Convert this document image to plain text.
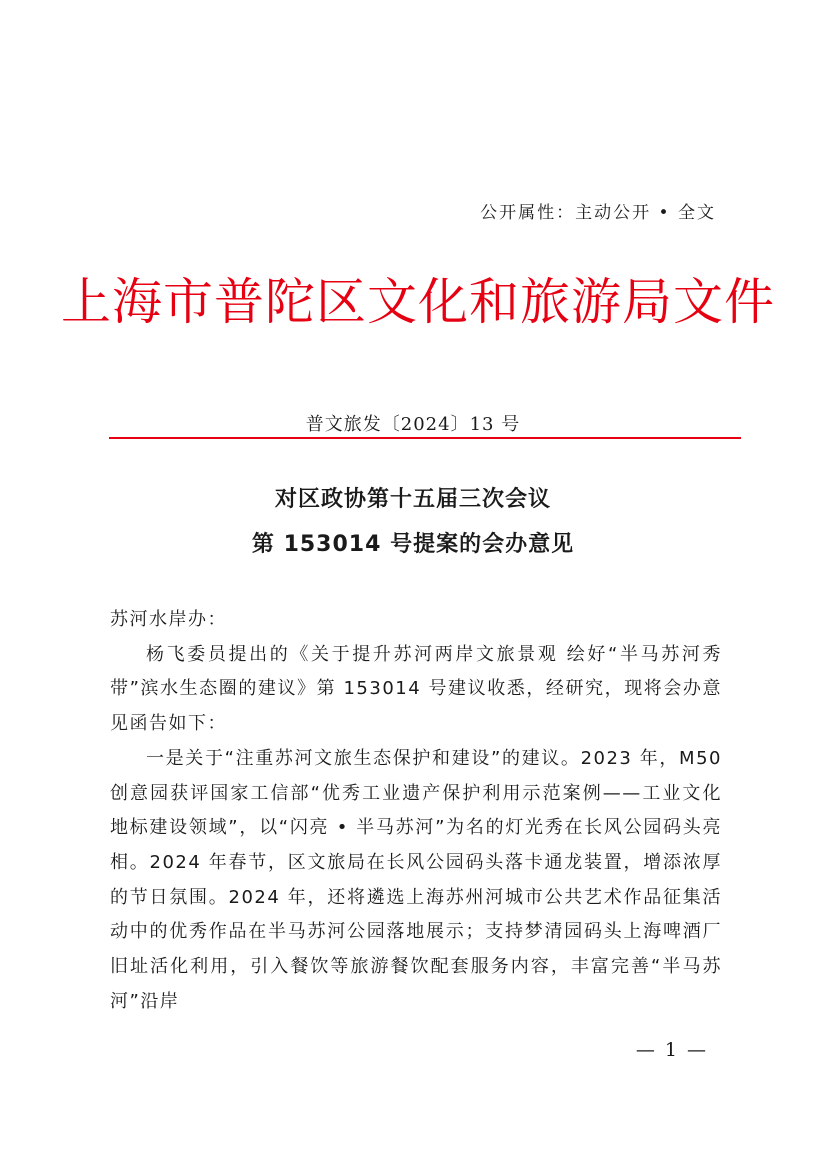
公开属性：主动公开 • 全文
上海市普陀区文化和旅游局文件
普文旅发〔2024〕13 号
对区政协第十五届三次会议
第 153014 号提案的会办意见

苏河水岸办：

杨飞委员提出的《关于提升苏河两岸文旅景观 绘好“半马苏河秀带”滨水生态圈的建议》第 153014 号建议收悉，经研究，现将会办意见函告如下：

一是关于“注重苏河文旅生态保护和建设”的建议。2023 年，M50 创意园获评国家工信部“优秀工业遗产保护利用示范案例——工业文化地标建设领域”，以“闪亮 • 半马苏河”为名的灯光秀在长风公园码头亮相。2024 年春节，区文旅局在长风公园码头落卡通龙装置，增添浓厚的节日氛围。2024 年，还将遴选上海苏州河城市公共艺术作品征集活动中的优秀作品在半马苏河公园落地展示；支持梦清园码头上海啤酒厂旧址活化利用，引入餐饮等旅游餐饮配套服务内容，丰富完善“半马苏河”沿岸

— 1 —
